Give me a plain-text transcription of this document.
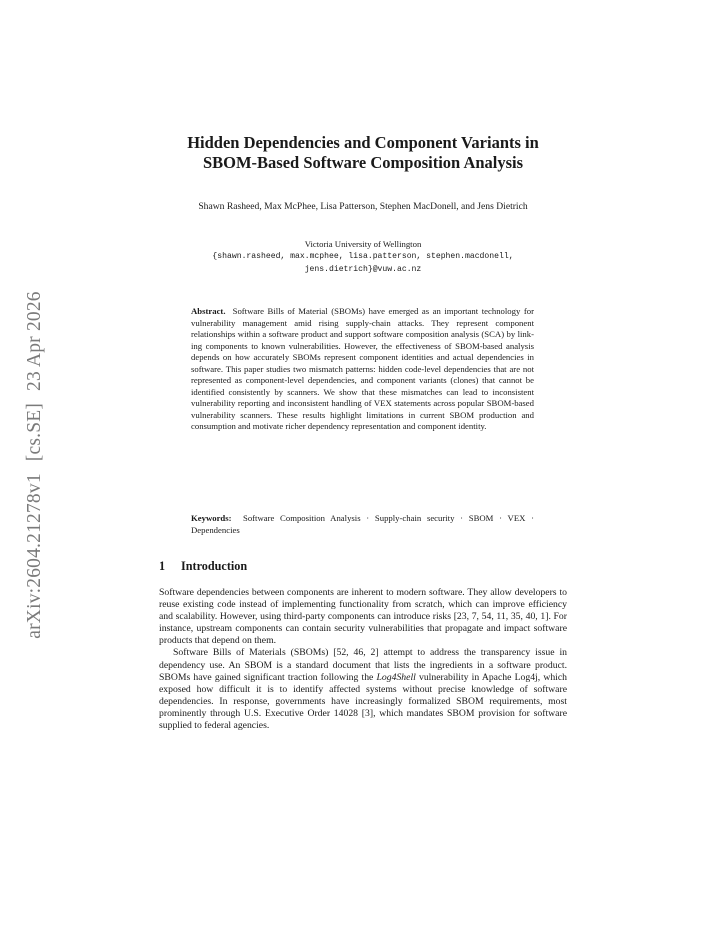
arXiv:2604.21278v1[cs.SE]23 Apr 2026
Hidden Dependencies and Component Variants in
SBOM-Based Software Composition Analysis
Shawn Rasheed, Max McPhee, Lisa Patterson, Stephen MacDonell, and Jens Dietrich
Victoria University of Wellington
{shawn.rasheed, max.mcphee, lisa.patterson, stephen.macdonell,
jens.dietrich}@vuw.ac.nz
Abstract. Software Bills of Material (SBOMs) have emerged as an important technology for vulnerability management amid rising supply-chain attacks. They represent component relationships within a software product and support software composition analysis (SCA) by linking components to known vulnerabilities. However, the effectiveness of SBOM-based analysis depends on how accurately SBOMs represent component identities and actual dependencies in software. This paper studies two mismatch patterns: hidden code-level dependencies that are not represented as component-level dependencies, and component variants (clones) that cannot be identified consistently by scanners. We show that these mismatches can lead to inconsistent vulnerability reporting and inconsistent handling of VEX statements across popular SBOM-based vulnerability scanners. These results highlight limitations in current SBOM production and consumption and motivate richer dependency representation and component identity.
Keywords: Software Composition Analysis · Supply-chain security · SBOM · VEX · Dependencies
1 Introduction

Software dependencies between components are inherent to modern software. They allow developers to reuse existing code instead of implementing functionality from scratch, which can improve efficiency and scalability. However, using third-party components can introduce risks [23, 7, 54, 11, 35, 40, 1]. For instance, upstream components can contain security vulnerabilities that propagate and impact software products that depend on them.

Software Bills of Materials (SBOMs) [52, 46, 2] attempt to address the transparency issue in dependency use. An SBOM is a standard document that lists the ingredients in a software product. SBOMs have gained significant traction following the Log4Shell vulnerability in Apache Log4j, which exposed how difficult it is to identify affected systems without precise knowledge of software dependencies. In response, governments have increasingly formalized SBOM requirements, most prominently through U.S. Executive Order 14028 [3], which mandates SBOM provision for software supplied to federal agencies.
